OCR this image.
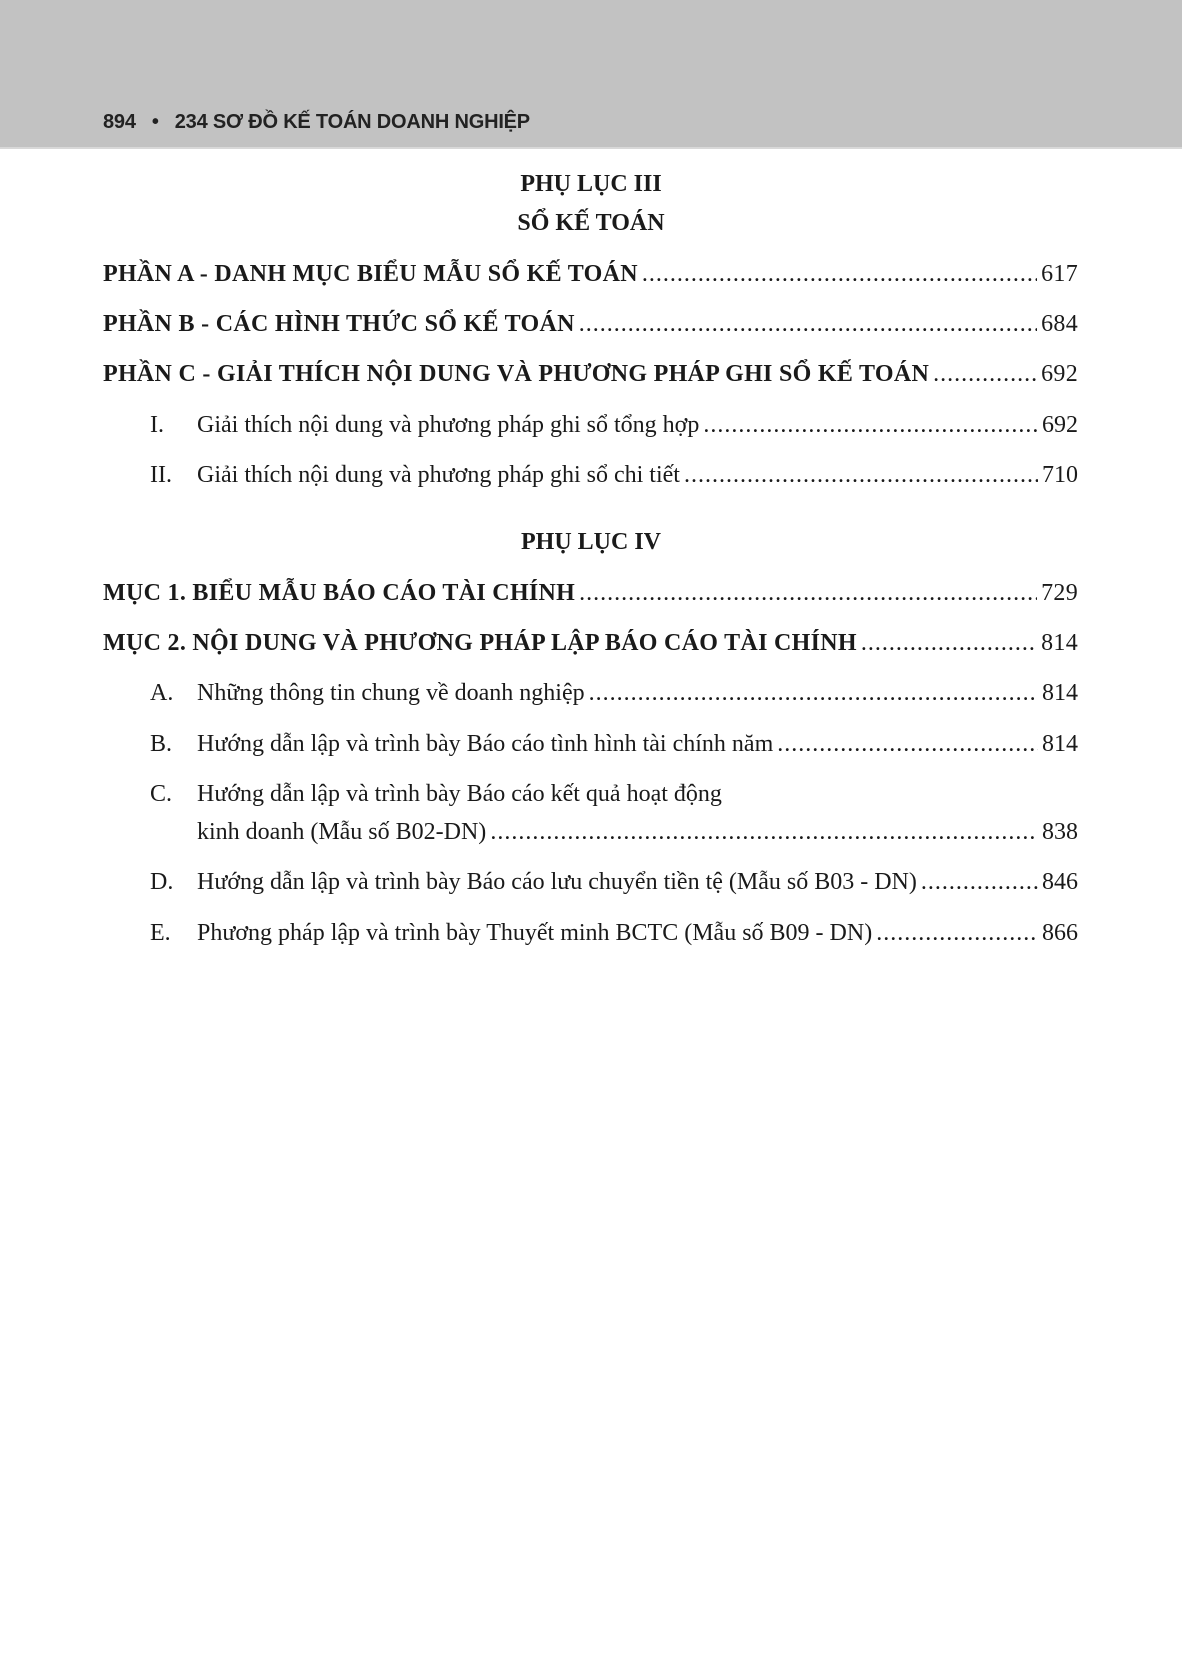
894 • 234 SƠ ĐỒ KẾ TOÁN DOANH NGHIỆP
PHỤ LỤC III
SỔ KẾ TOÁN
PHẦN A - DANH MỤC BIỂU MẪU SỔ KẾ TOÁN .....	617
PHẦN B - CÁC HÌNH THỨC SỔ KẾ TOÁN .....	684
PHẦN C - GIẢI THÍCH NỘI DUNG VÀ PHƯƠNG PHÁP GHI SỔ KẾ TOÁN .....	692
I.	Giải thích nội dung và phương pháp ghi sổ tổng hợp .....	692
II.	Giải thích nội dung và phương pháp ghi sổ chi tiết .....	710
PHỤ LỤC IV
MỤC 1. BIỂU MẪU BÁO CÁO TÀI CHÍNH .....	729
MỤC 2. NỘI DUNG VÀ PHƯƠNG PHÁP LẬP BÁO CÁO TÀI CHÍNH .....	814
A. Những thông tin chung về doanh nghiệp .....	814
B.	Hướng dẫn lập và trình bày Báo cáo tình hình tài chính năm .....	814
C.	Hướng dẫn lập và trình bày Báo cáo kết quả hoạt động
kinh doanh (Mẫu số B02-DN) .....	838
D. Hướng dẫn lập và trình bày Báo cáo lưu chuyển tiền tệ (Mẫu số B03 - DN) .....	846
E.	Phương pháp lập và trình bày Thuyết minh BCTC (Mẫu số B09 - DN) .....	866
